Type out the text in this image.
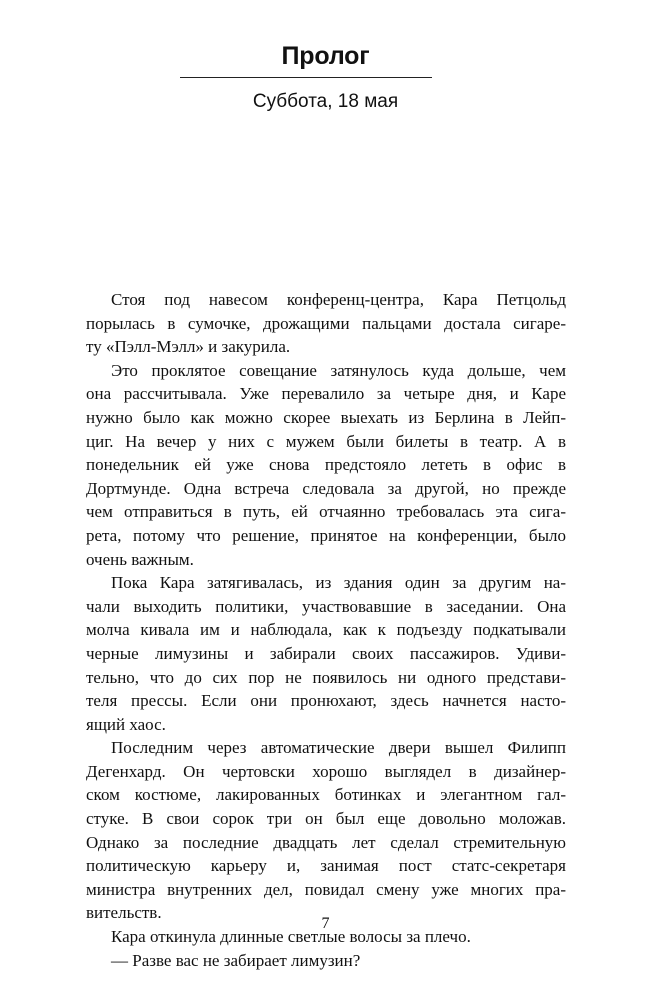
Пролог
Суббота, 18 мая
Стоя под навесом конференц-центра, Кара Петцольд
порылась в сумочке, дрожащими пальцами достала сигаре-
ту «Пэлл-Мэлл» и закурила.
Это проклятое совещание затянулось куда дольше, чем
она рассчитывала. Уже перевалило за четыре дня, и Каре
нужно было как можно скорее выехать из Берлина в Лейп-
циг. На вечер у них с мужем были билеты в театр. А в
понедельник ей уже снова предстояло лететь в офис в
Дортмунде. Одна встреча следовала за другой, но прежде
чем отправиться в путь, ей отчаянно требовалась эта сига-
рета, потому что решение, принятое на конференции, было
очень важным.
Пока Кара затягивалась, из здания один за другим на-
чали выходить политики, участвовавшие в заседании. Она
молча кивала им и наблюдала, как к подъезду подкатывали
черные лимузины и забирали своих пассажиров. Удиви-
тельно, что до сих пор не появилось ни одного представи-
теля прессы. Если они пронюхают, здесь начнется насто-
ящий хаос.
Последним через автоматические двери вышел Филипп
Дегенхард. Он чертовски хорошо выглядел в дизайнер-
ском костюме, лакированных ботинках и элегантном гал-
стуке. В свои сорок три он был еще довольно моложав.
Однако за последние двадцать лет сделал стремительную
политическую карьеру и, занимая пост статс-секретаря
министра внутренних дел, повидал смену уже многих пра-
вительств.
Кара откинула длинные светлые волосы за плечо.
— Разве вас не забирает лимузин?
7
